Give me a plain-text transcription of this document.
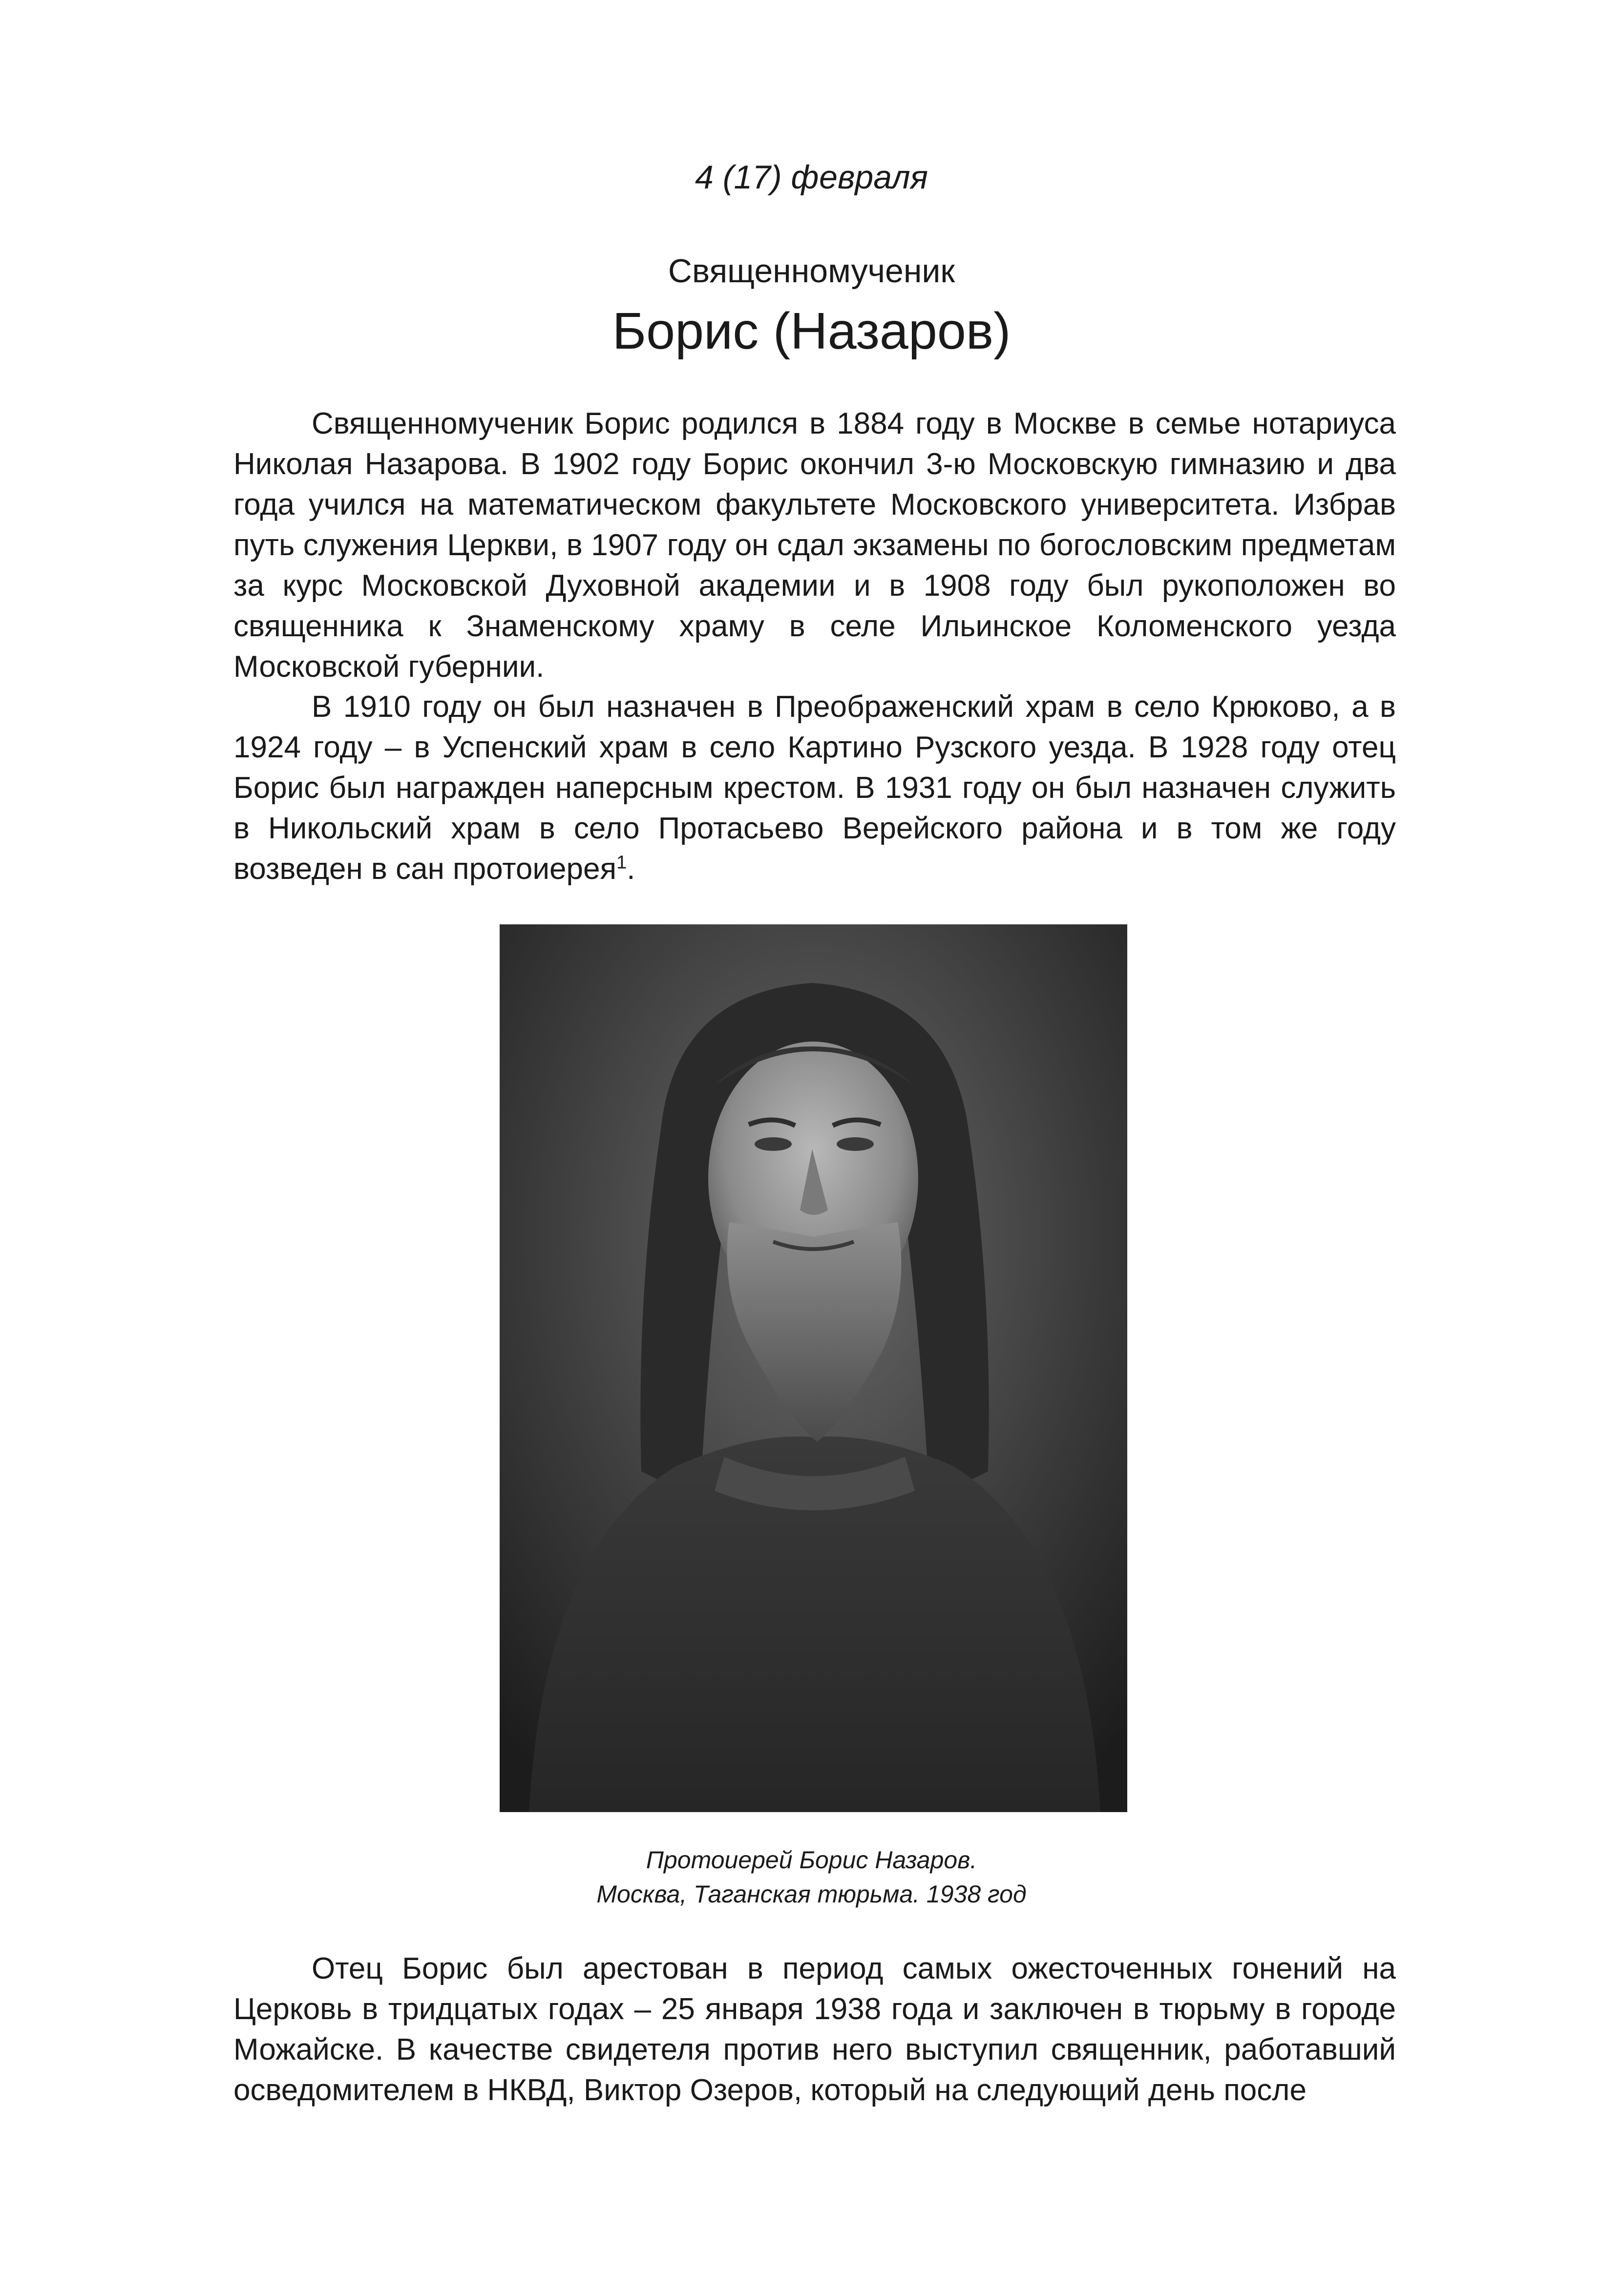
4 (17) февраля
Священномученик
Борис (Назаров)

Священномученик Борис родился в 1884 году в Москве в семье нотариуса Николая Назарова. В 1902 году Борис окончил 3-ю Московскую гимназию и два года учился на математическом факультете Московского университета. Избрав путь служения Церкви, в 1907 году он сдал экзамены по богословским предметам за курс Московской Духовной академии и в 1908 году был рукоположен во священника к Знаменскому храму в селе Ильинское Коломенского уезда Московской губернии.

В 1910 году он был назначен в Преображенский храм в село Крюково, а в 1924 году – в Успенский храм в село Картино Рузского уезда. В 1928 году отец Борис был награжден наперсным крестом. В 1931 году он был назначен служить в Никольский храм в село Протасьево Верейского района и в том же году возведен в сан протоиерея$^1$.

Протоиерей Борис Назаров.
Москва, Таганская тюрьма. 1938 год

Отец Борис был арестован в период самых ожесточенных гонений на Церковь в тридцатых годах – 25 января 1938 года и заключен в тюрьму в городе Можайске. В качестве свидетеля против него выступил священник, работавший осведомителем в НКВД, Виктор Озеров, который на следующий день после
